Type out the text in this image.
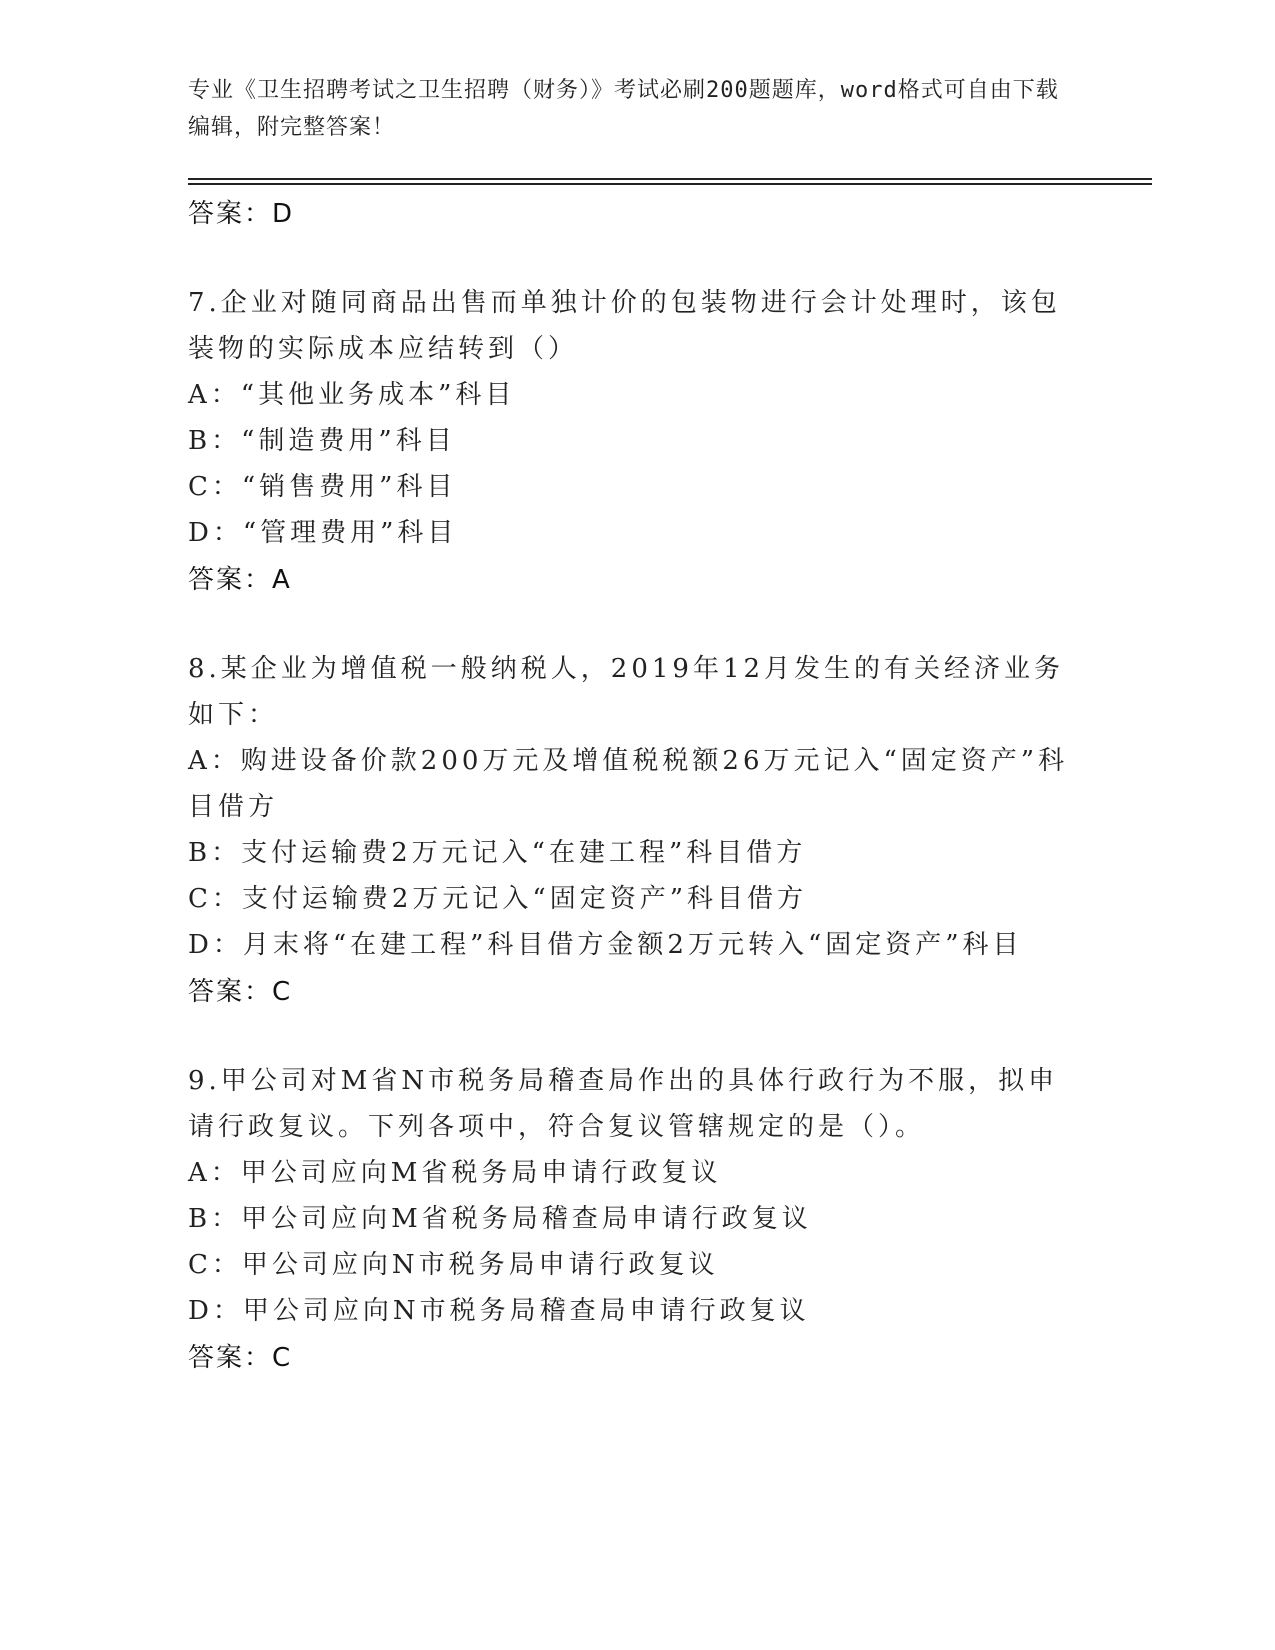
专业《卫生招聘考试之卫生招聘（财务）》考试必刷200题题库，word格式可自由下载编辑，附完整答案！
答案：D
7.企业对随同商品出售而单独计价的包装物进行会计处理时，该包装物的实际成本应结转到（）
A：“其他业务成本”科目
B：“制造费用”科目
C：“销售费用”科目
D：“管理费用”科目
答案：A
8.某企业为增值税一般纳税人，2019年12月发生的有关经济业务如下：
A：购进设备价款200万元及增值税税额26万元记入“固定资产”科目借方
B：支付运输费2万元记入“在建工程”科目借方
C：支付运输费2万元记入“固定资产”科目借方
D：月末将“在建工程”科目借方金额2万元转入“固定资产”科目
答案：C
9.甲公司对M省N市税务局稽查局作出的具体行政行为不服，拟申请行政复议。下列各项中，符合复议管辖规定的是（）。
A：甲公司应向M省税务局申请行政复议
B：甲公司应向M省税务局稽查局申请行政复议
C：甲公司应向N市税务局申请行政复议
D：甲公司应向N市税务局稽查局申请行政复议
答案：C
